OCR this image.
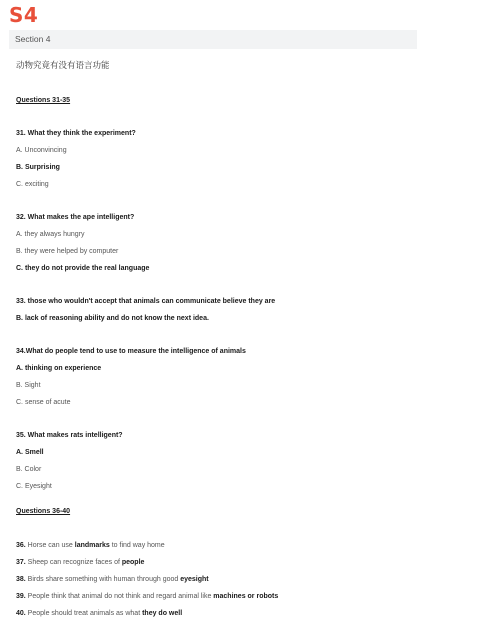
S4
Section 4
动物究竟有没有语言功能
Questions 31-35
31. What they think the experiment?
A. Unconvincing
B. Surprising
C. exciting
32. What makes the ape intelligent?
A. they always hungry
B. they were helped by computer
C. they do not provide the real language
33. those who wouldn't accept that animals can communicate believe they are
B. lack of reasoning ability and do not know the next idea.
34.What do people tend to use to measure the intelligence of animals
A. thinking on experience
B. Sight
C. sense of acute
35. What makes rats intelligent?
A. Smell
B. Color
C. Eyesight
Questions 36-40
36. Horse can use landmarks to find way home
37. Sheep can recognize faces of people
38. Birds share something with human through good eyesight
39. People think that animal do not think and regard animal like machines or robots
40. People should treat animals as what they do well
